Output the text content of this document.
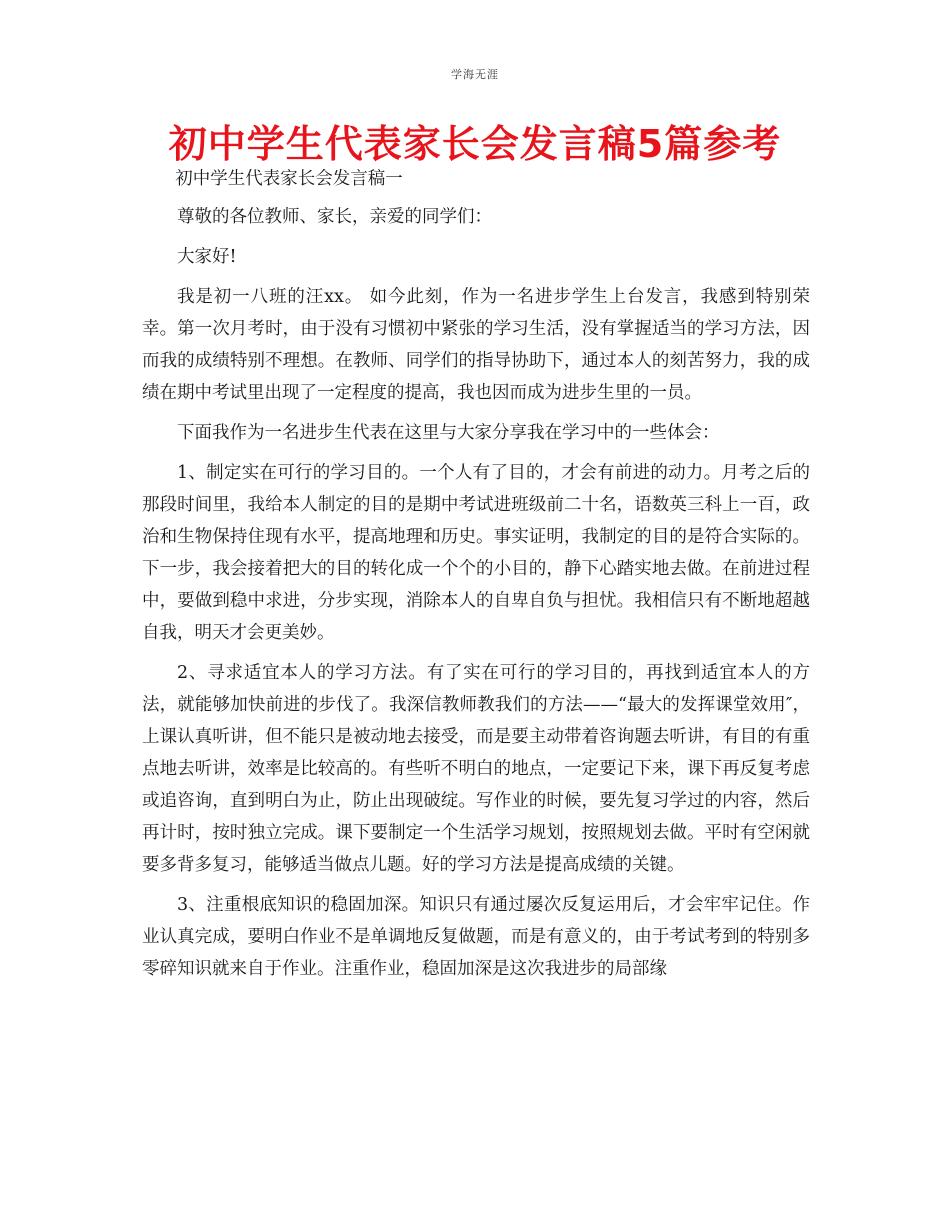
学海无涯
初中学生代表家长会发言稿5篇参考

初中学生代表家长会发言稿一

尊敬的各位教师、家长，亲爱的同学们：

大家好!

我是初一八班的汪xx。 如今此刻，作为一名进步学生上台发言，我感到特别荣幸。第一次月考时，由于没有习惯初中紧张的学习生活，没有掌握适当的学习方法，因而我的成绩特别不理想。在教师、同学们的指导协助下，通过本人的刻苦努力，我的成绩在期中考试里出现了一定程度的提高，我也因而成为进步生里的一员。

下面我作为一名进步生代表在这里与大家分享我在学习中的一些体会：

1、制定实在可行的学习目的。一个人有了目的，才会有前进的动力。月考之后的那段时间里，我给本人制定的目的是期中考试进班级前二十名，语数英三科上一百，政治和生物保持住现有水平，提高地理和历史。事实证明，我制定的目的是符合实际的。下一步，我会接着把大的目的转化成一个个的小目的，静下心踏实地去做。在前进过程中，要做到稳中求进，分步实现，消除本人的自卑自负与担忧。我相信只有不断地超越自我，明天才会更美妙。

2、寻求适宜本人的学习方法。有了实在可行的学习目的，再找到适宜本人的方法，就能够加快前进的步伐了。我深信教师教我们的方法——“最大的发挥课堂效用″，上课认真听讲，但不能只是被动地去接受，而是要主动带着咨询题去听讲，有目的有重点地去听讲，效率是比较高的。有些听不明白的地点，一定要记下来，课下再反复考虑或追咨询，直到明白为止，防止出现破绽。写作业的时候，要先复习学过的内容，然后再计时，按时独立完成。课下要制定一个生活学习规划，按照规划去做。平时有空闲就要多背多复习，能够适当做点儿题。好的学习方法是提高成绩的关键。

3、注重根底知识的稳固加深。知识只有通过屡次反复运用后，才会牢牢记住。作业认真完成，要明白作业不是单调地反复做题，而是有意义的，由于考试考到的特别多零碎知识就来自于作业。注重作业，稳固加深是这次我进步的局部缘
